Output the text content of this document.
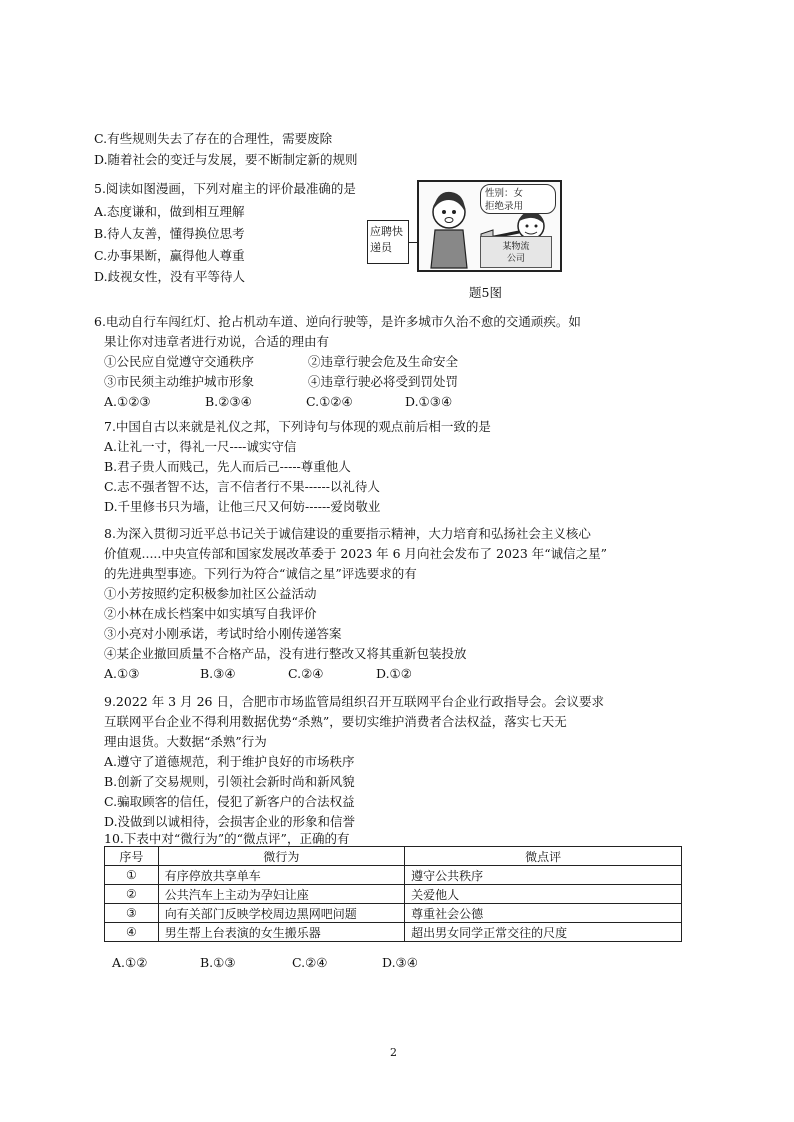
C.有些规则失去了存在的合理性，需要废除
D.随着社会的变迁与发展，要不断制定新的规则
5.阅读如图漫画，下列对雇主的评价最准确的是
A.态度谦和，做到相互理解
B.待人友善，懂得换位思考
C.办事果断，赢得他人尊重
D.歧视女性，没有平等待人
应聘快
递员
性别：女
拒绝录用
某物流
公司
题5图
6.电动自行车闯红灯、抢占机动车道、逆向行驶等，是许多城市久治不愈的交通顽疾。如
果让你对违章者进行劝说，合适的理由有
①公民应自觉遵守交通秩序	②违章行驶会危及生命安全
③市民须主动维护城市形象	④违章行驶必将受到罚处罚
A.①②③	B.②③④	C.①②④	D.①③④
7.中国自古以来就是礼仪之邦，下列诗句与体现的观点前后相一致的是
A.让礼一寸，得礼一尺----诚实守信
B.君子贵人而贱己，先人而后己-----尊重他人
C.志不强者智不达，言不信者行不果------以礼待人
D.千里修书只为墙，让他三尺又何妨------爱岗敬业
8.为深入贯彻习近平总书记关于诚信建设的重要指示精神，大力培育和弘扬社会主义核心
价值观.....中央宣传部和国家发展改革委于 2023 年 6 月向社会发布了 2023 年“诚信之星”
的先进典型事迹。下列行为符合“诚信之星”评选要求的有
①小芳按照约定积极参加社区公益活动
②小林在成长档案中如实填写自我评价
③小亮对小刚承诺，考试时给小刚传递答案
④某企业撤回质量不合格产品，没有进行整改又将其重新包装投放
A.①③	B.③④	C.②④	D.①②
9.2022 年 3 月 26 日，合肥市市场监管局组织召开互联网平台企业行政指导会。会议要求
互联网平台企业不得利用数据优势“杀熟”，要切实维护消费者合法权益，落实七天无
理由退货。大数据“杀熟”行为
A.遵守了道德规范，利于维护良好的市场秩序
B.创新了交易规则，引领社会新时尚和新风貌
C.骗取顾客的信任，侵犯了新客户的合法权益
D.没做到以诚相待，会损害企业的形象和信誉
10.下表中对“微行为”的“微点评”，正确的有
序号	微行为	微点评
①	有序停放共享单车	遵守公共秩序
②	公共汽车上主动为孕妇让座	关爱他人
③	向有关部门反映学校周边黑网吧问题	尊重社会公德
④	男生帮上台表演的女生搬乐器	超出男女同学正常交往的尺度
A.①②	B.①③	C.②④	D.③④
2
